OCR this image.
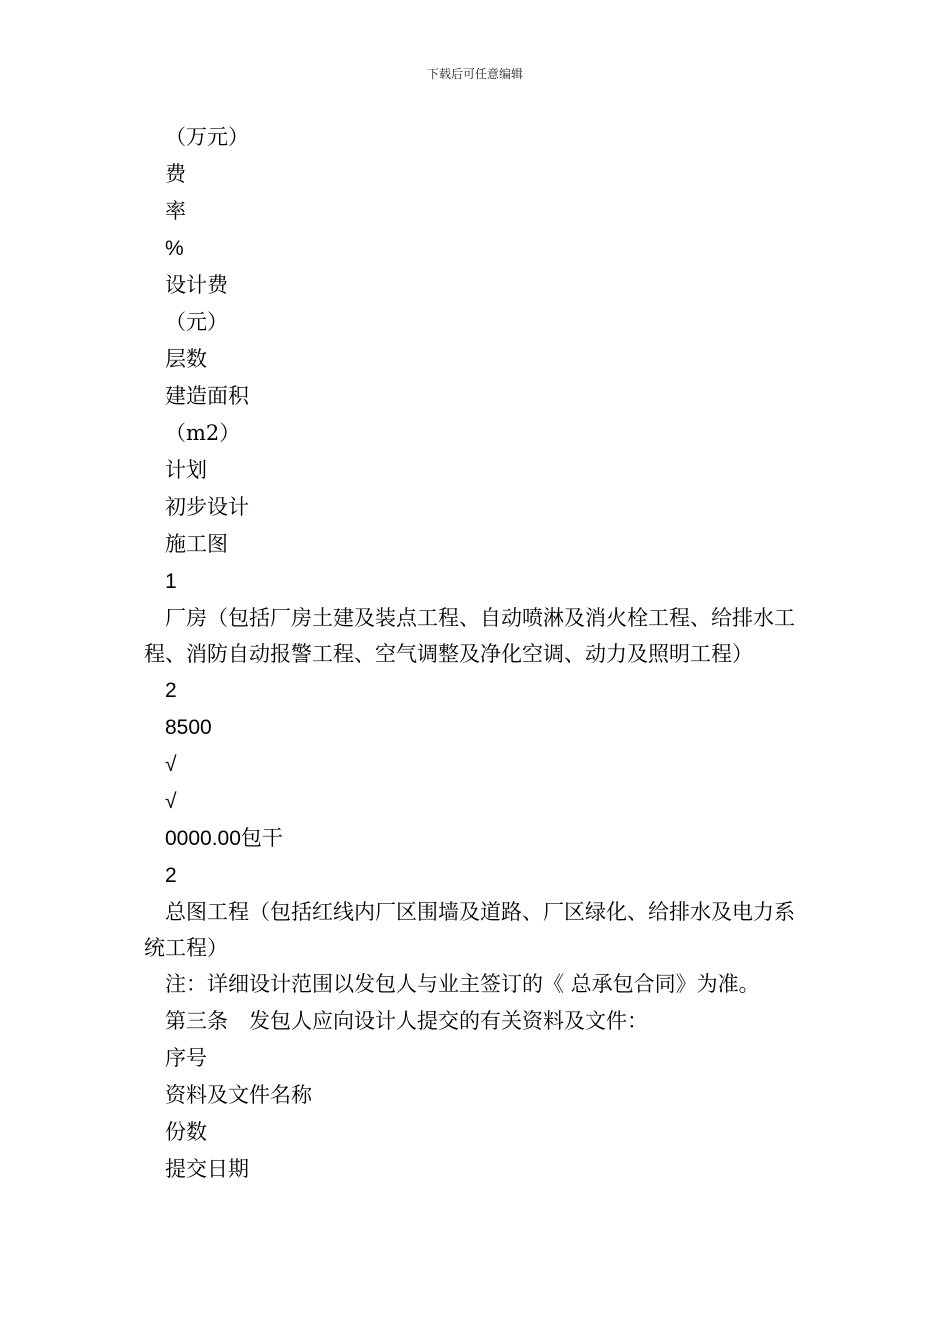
下载后可任意编辑
（万元）
费
率
%
设计费
（元）
层数
建造面积
（m2）
计划
初步设计
施工图
1
厂房（包括厂房土建及装点工程、自动喷淋及消火栓工程、给排水工程、消防自动报警工程、空气调整及净化空调、动力及照明工程）
2
8500
√
√
0000.00包干
2
总图工程（包括红线内厂区围墙及道路、厂区绿化、给排水及电力系统工程）
注：详细设计范围以发包人与业主签订的《 总承包合同》为准。
第三条　发包人应向设计人提交的有关资料及文件：
序号
资料及文件名称
份数
提交日期
